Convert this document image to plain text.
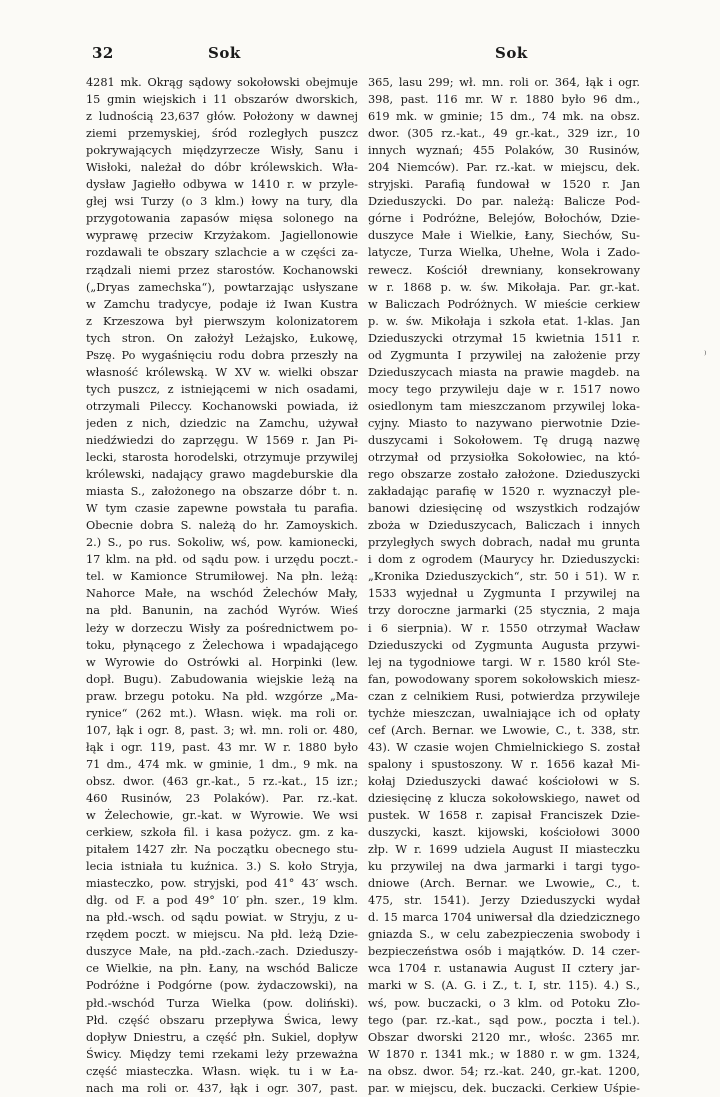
32	Sok	Sok
4281 mk. Okrąg sądowy sokołowski obejmuje
15 gmin wiejskich i 11 obszarów dworskich,
z ludnością 23,637 głów. Położony w dawnej
ziemi przemyskiej, śród rozległych puszcz
pokrywających międzyrzecze Wisły, Sanu i
Wisłoki, należał do dóbr królewskich. Wła-
dysław Jagiełło odbywa w 1410 r. w przyle-
głej wsi Turzy (o 3 klm.) łowy na tury, dla
przygotowania zapasów mięsa solonego na
wyprawę przeciw Krzyżakom. Jagiellonowie
rozdawali te obszary szlachcie a w części za-
rządzali niemi przez starostów. Kochanowski
(„Dryas zamechska“), powtarzając usłyszane
w Zamchu tradycye, podaje iż Iwan Kustra
z Krzeszowa był pierwszym kolonizatorem
tych stron. On założył Leżajsko, Łukowę,
Pszę. Po wygaśnięciu rodu dobra przeszły na
własność królewską. W XV w. wielki obszar
tych puszcz, z istniejącemi w nich osadami,
otrzymali Pileccy. Kochanowski powiada, iż
jeden z nich, dziedzic na Zamchu, używał
niedźwiedzi do zaprzęgu. W 1569 r. Jan Pi-
lecki, starosta horodelski, otrzymuje przywilej
królewski, nadający grawo magdeburskie dla
miasta S., założonego na obszarze dóbr t. n.
W tym czasie zapewne powstała tu parafia.
Obecnie dobra S. należą do hr. Zamoyskich.
2.) S., po rus. Sokoliw, wś, pow. kamionecki,
17 klm. na płd. od sądu pow. i urzędu poczt.-
tel. w Kamionce Strumiłowej. Na płn. leżą:
Nahorce Małe, na wschód Żelechów Mały,
na płd. Banunin, na zachód Wyrów. Wieś
leży w dorzeczu Wisły za pośrednictwem po-
toku, płynącego z Żelechowa i wpadającego
w Wyrowie do Ostrówki al. Horpinki (lew.
dopł. Bugu). Zabudowania wiejskie leżą na
praw. brzegu potoku. Na płd. wzgórze „Ma-
rynice“ (262 mt.). Własn. więk. ma roli or.
107, łąk i ogr. 8, past. 3; wł. mn. roli or. 480,
łąk i ogr. 119, past. 43 mr. W r. 1880 było
71 dm., 474 mk. w gminie, 1 dm., 9 mk. na
obsz. dwor. (463 gr.-kat., 5 rz.-kat., 15 izr.;
460 Rusinów, 23 Polaków). Par. rz.-kat.
w Żelechowie, gr.-kat. w Wyrowie. We wsi
cerkiew, szkoła fil. i kasa pożycz. gm. z ka-
pitałem 1427 złr. Na początku obecnego stu-
lecia istniała tu kuźnica. 3.) S. koło Stryja,
miasteczko, pow. stryjski, pod 41° 43′ wsch.
dłg. od F. a pod 49° 10′ płn. szer., 19 klm.
na płd.-wsch. od sądu powiat. w Stryju, z u-
rzędem poczt. w miejscu. Na płd. leżą Dzie-
duszyce Małe, na płd.-zach.-zach. Dzieduszy-
ce Wielkie, na płn. Łany, na wschód Balicze
Podróżne i Podgórne (pow. żydaczowski), na
płd.-wschód Turza Wielka (pow. doliński).
Płd. część obszaru przepływa Świca, lewy
dopływ Dniestru, a część płn. Sukiel, dopływ
Świcy. Między temi rzekami leży przeważna
część miasteczka. Własn. więk. tu i w Ła-
nach ma roli or. 437, łąk i ogr. 307, past.
365, lasu 299; wł. mn. roli or. 364, łąk i ogr.
398, past. 116 mr. W r. 1880 było 96 dm.,
619 mk. w gminie; 15 dm., 74 mk. na obsz.
dwor. (305 rz.-kat., 49 gr.-kat., 329 izr., 10
innych wyznań; 455 Polaków, 30 Rusinów,
204 Niemców). Par. rz.-kat. w miejscu, dek.
stryjski. Parafią fundował w 1520 r. Jan
Dzieduszycki. Do par. należą: Balicze Pod-
górne i Podróżne, Belejów, Bołochów, Dzie-
duszyce Małe i Wielkie, Łany, Siechów, Su-
latycze, Turza Wielka, Uhełne, Wola i Zado-
rewecz. Kościół drewniany, konsekrowany
w r. 1868 p. w. św. Mikołaja. Par. gr.-kat.
w Baliczach Podróżnych. W mieście cerkiew
p. w. św. Mikołaja i szkoła etat. 1-klas. Jan
Dzieduszycki otrzymał 15 kwietnia 1511 r.
od Zygmunta I przywilej na założenie przy
Dzieduszycach miasta na prawie magdeb. na
mocy tego przywileju daje w r. 1517 nowo
osiedlonym tam mieszczanom przywilej loka-
cyjny. Miasto to nazywano pierwotnie Dzie-
duszycami i Sokołowem. Tę drugą nazwę
otrzymał od przysiołka Sokołowiec, na któ-
rego obszarze zostało założone. Dzieduszycki
zakładając parafię w 1520 r. wyznaczył ple-
banowi dziesięcinę od wszystkich rodzajów
zboża w Dzieduszycach, Baliczach i innych
przyległych swych dobrach, nadał mu grunta
i dom z ogrodem (Maurycy hr. Dzieduszycki:
„Kronika Dzieduszyckich“, str. 50 i 51). W r.
1533 wyjednał u Zygmunta I przywilej na
trzy doroczne jarmarki (25 stycznia, 2 maja
i 6 sierpnia). W r. 1550 otrzymał Wacław
Dzieduszycki od Zygmunta Augusta przywi-
lej na tygodniowe targi. W r. 1580 król Ste-
fan, powodowany sporem sokołowskich miesz-
czan z celnikiem Rusi, potwierdza przywileje
tychże mieszczan, uwalniające ich od opłaty
cef (Arch. Bernar. we Lwowie, C., t. 338, str.
43). W czasie wojen Chmielnickiego S. został
spalony i spustoszony. W r. 1656 kazał Mi-
kołaj Dzieduszycki dawać kościołowi w S.
dziesięcinę z klucza sokołowskiego, nawet od
pustek. W 1658 r. zapisał Franciszek Dzie-
duszycki, kaszt. kijowski, kościołowi 3000
złp. W r. 1699 udziela August II miasteczku
ku przywilej na dwa jarmarki i targi tygo-
dniowe (Arch. Bernar. we Lwowie„ C., t.
475, str. 1541). Jerzy Dzieduszycki wydał
d. 15 marca 1704 uniwersał dla dziedzicznego
gniazda S., w celu zabezpieczenia swobody i
bezpieczeństwa osób i majątków. D. 14 czer-
wca 1704 r. ustanawia August II cztery jar-
marki w S. (A. G. i Z., t. I, str. 115). 4.) S.,
wś, pow. buczacki, o 3 klm. od Potoku Zło-
tego (par. rz.-kat., sąd pow., poczta i tel.).
Obszar dworski 2120 mr., włośc. 2365 mr.
W 1870 r. 1341 mk.; w 1880 r. w gm. 1324,
na obsz. dwor. 54; rz.-kat. 240, gr.-kat. 1200,
par. w miejscu, dek. buczacki. Cerkiew Uśpie-
⁾
